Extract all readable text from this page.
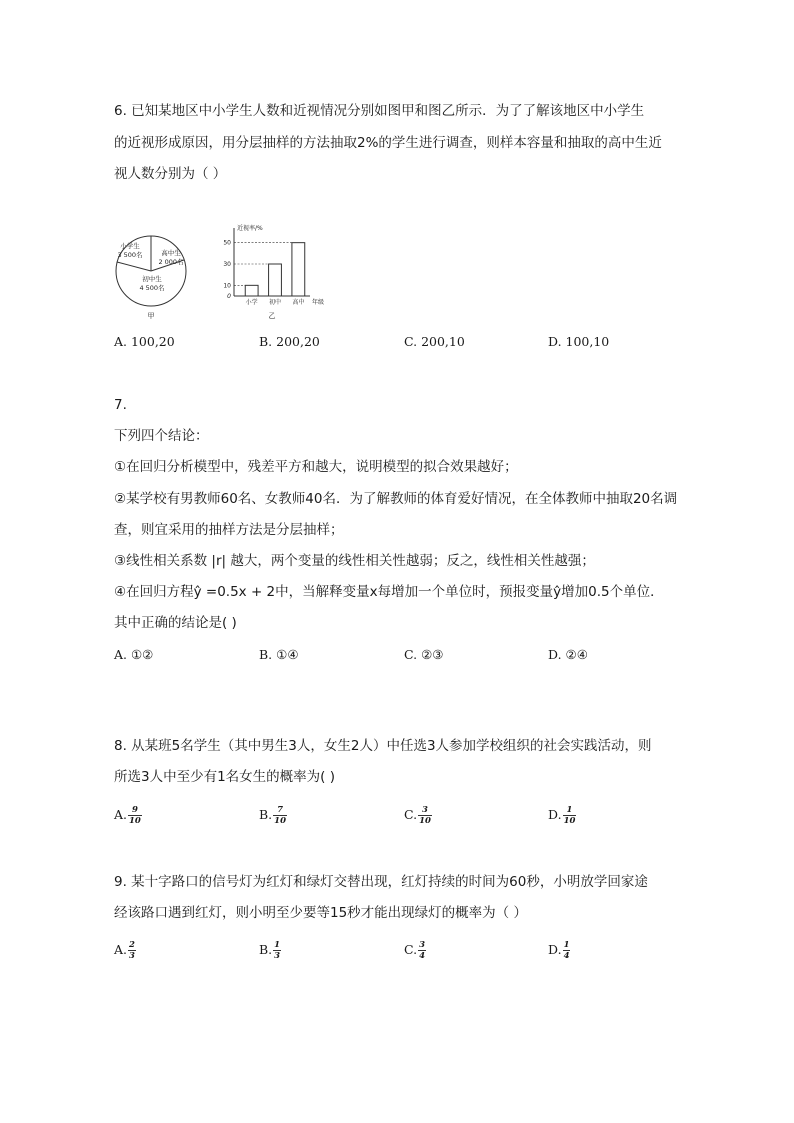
6. 已知某地区中小学生人数和近视情况分别如图甲和图乙所示．为了了解该地区中小学生
的近视形成原因，用分层抽样的方法抽取2%的学生进行调查，则样本容量和抽取的高中生近
视人数分别为（ ）
小学生
3 500名	高中生
2 000名
初中生
4 500名
甲
近视率/%
年级
0
10
30
50
小学 初中 高中
乙
A. 100,20	B. 200,20	C. 200,10	D. 100,10
7.
下列四个结论：
①在回归分析模型中，残差平方和越大，说明模型的拟合效果越好；
②某学校有男教师60名、女教师40名．为了解教师的体育爱好情况，在全体教师中抽取20名调
查，则宜采用的抽样方法是分层抽样；
③线性相关系数 |r| 越大，两个变量的线性相关性越弱；反之，线性相关性越强；
④在回归方程ŷ =0.5x + 2中，当解释变量x每增加一个单位时，预报变量ŷ增加0.5个单位．
其中正确的结论是( )
A. ①②	B. ①④	C. ②③	D. ②④
8. 从某班5名学生（其中男生3人，女生2人）中任选3人参加学校组织的社会实践活动，则
所选3人中至少有1名女生的概率为( )
A. $\frac{9}{10}$	B. $\frac{7}{10}$	C. $\frac{3}{10}$	D. $\frac{1}{10}$
9. 某十字路口的信号灯为红灯和绿灯交替出现，红灯持续的时间为60秒，小明放学回家途
经该路口遇到红灯，则小明至少要等15秒才能出现绿灯的概率为（ ）
A. $\frac{2}{3}$	B. $\frac{1}{3}$	C. $\frac{3}{4}$	D. $\frac{1}{4}$
